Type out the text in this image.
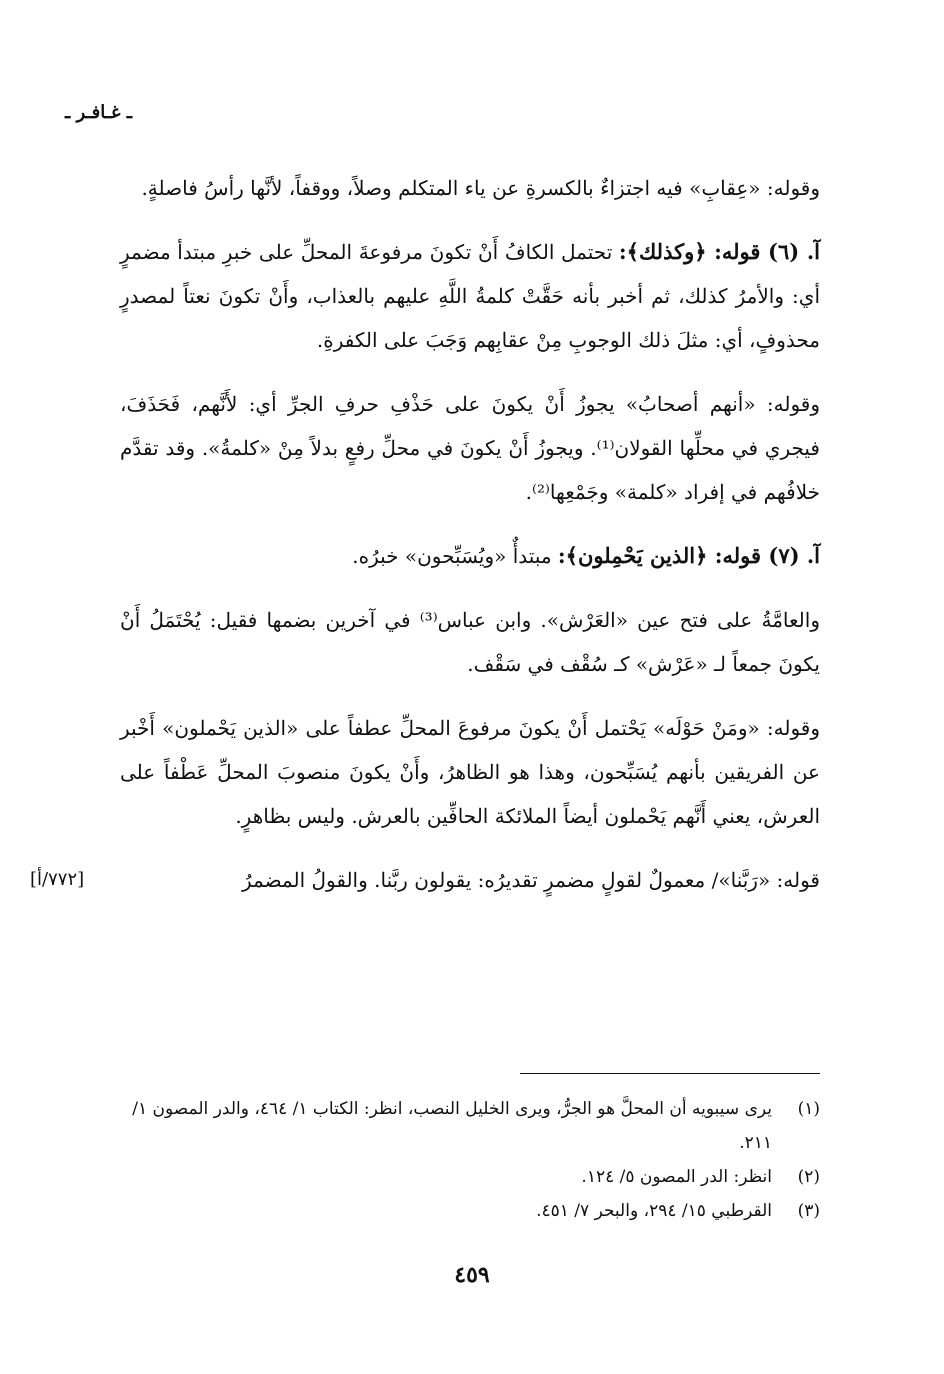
ـ غـافـر ـ

وقوله: «عِقابِ» فيه اجتزاءٌ بالكسرةِ عن ياء المتكلم وصلاً، ووقفاً، لأنَّها رأسُ فاصلةٍ.

آ. (٦) قوله: ﴿وكذلك﴾: تحتمل الكافُ أَنْ تكونَ مرفوعةَ المحلِّ على خبرِ مبتدأ مضمرٍ أي: والأمرُ كذلك، ثم أخبر بأنه حَقَّتْ كلمةُ اللَّهِ عليهم بالعذاب، وأَنْ تكونَ نعتاً لمصدرٍ محذوفٍ، أي: مثلَ ذلك الوجوبِ مِنْ عقابِهم وَجَبَ على الكفرةِ.

وقوله: «أنهم أصحابُ» يجوزُ أَنْ يكونَ على حَذْفِ حرفِ الجرِّ أي: لأَنَّهم، فَحَذَفَ، فيجري في محلِّها القولان⁽¹⁾. ويجوزُ أَنْ يكونَ في محلِّ رفعٍ بدلاً مِنْ «كلمةُ». وقد تقدَّم خلافُهم في إفراد «كلمة» وجَمْعِها⁽²⁾.

آ. (٧) قوله: ﴿الذين يَحْمِلون﴾: مبتدأٌ «ويُسَبِّحون» خبرُه.

والعامَّةُ على فتح عين «العَرْش». وابن عباس⁽³⁾ في آخرين بضمها فقيل: يُحْتَمَلُ أَنْ يكونَ جمعاً لـ «عَرْش» كـ سُقْف في سَقْف.

وقوله: «ومَنْ حَوْلَه» يَحْتمل أَنْ يكونَ مرفوعَ المحلِّ عطفاً على «الذين يَحْملون» أَخْبر عن الفريقين بأنهم يُسَبِّحون، وهذا هو الظاهرُ، وأَنْ يكونَ منصوبَ المحلِّ عَطْفاً على العرش، يعني أَنَّهم يَحْملون أيضاً الملائكة الحافِّين بالعرش. وليس بظاهرٍ.

قوله: «رَبَّنا»/ معمولٌ لقولٍ مضمرٍ تقديرُه: يقولون ربَّنا. والقولُ المضمرُ
[٧٧٢/أ]

(١)
يرى سيبويه أن المحلَّ هو الجرُّ، ويرى الخليل النصب، انظر: الكتاب ١/ ٤٦٤، والدر المصون ١/ ٢١١.

(٢)
انظر: الدر المصون ٥/ ١٢٤.

(٣)
القرطبي ١٥/ ٢٩٤، والبحر ٧/ ٤٥١.

٤٥٩
